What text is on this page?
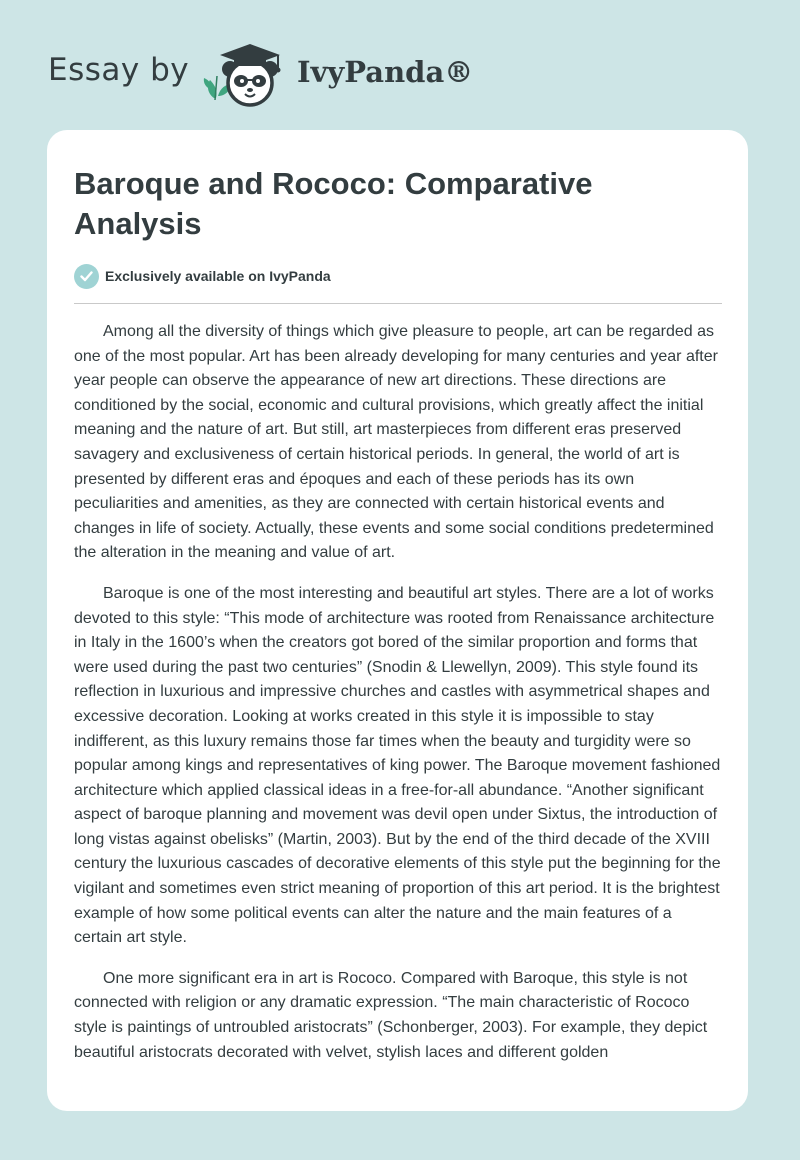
Essay by	IvyPanda®
Baroque and Rococo: Comparative Analysis
Exclusively available on IvyPanda

Among all the diversity of things which give pleasure to people, art can be regarded as one of the most popular. Art has been already developing for many centuries and year after year people can observe the appearance of new art directions. These directions are conditioned by the social, economic and cultural provisions, which greatly affect the initial meaning and the nature of art. But still, art masterpieces from different eras preserved savagery and exclusiveness of certain historical periods. In general, the world of art is presented by different eras and époques and each of these periods has its own peculiarities and amenities, as they are connected with certain historical events and changes in life of society. Actually, these events and some social conditions predetermined the alteration in the meaning and value of art.

Baroque is one of the most interesting and beautiful art styles. There are a lot of works devoted to this style: “This mode of architecture was rooted from Renaissance architecture in Italy in the 1600’s when the creators got bored of the similar proportion and forms that were used during the past two centuries” (Snodin & Llewellyn, 2009). This style found its reflection in luxurious and impressive churches and castles with asymmetrical shapes and excessive decoration. Looking at works created in this style it is impossible to stay indifferent, as this luxury remains those far times when the beauty and turgidity were so popular among kings and representatives of king power. The Baroque movement fashioned architecture which applied classical ideas in a free-for-all abundance. “Another significant aspect of baroque planning and movement was devil open under Sixtus, the introduction of long vistas against obelisks” (Martin, 2003). But by the end of the third decade of the XVIII century the luxurious cascades of decorative elements of this style put the beginning for the vigilant and sometimes even strict meaning of proportion of this art period. It is the brightest example of how some political events can alter the nature and the main features of a certain art style.

One more significant era in art is Rococo. Compared with Baroque, this style is not connected with religion or any dramatic expression. “The main characteristic of Rococo style is paintings of untroubled aristocrats” (Schonberger, 2003). For example, they depict beautiful aristocrats decorated with velvet, stylish laces and different golden
